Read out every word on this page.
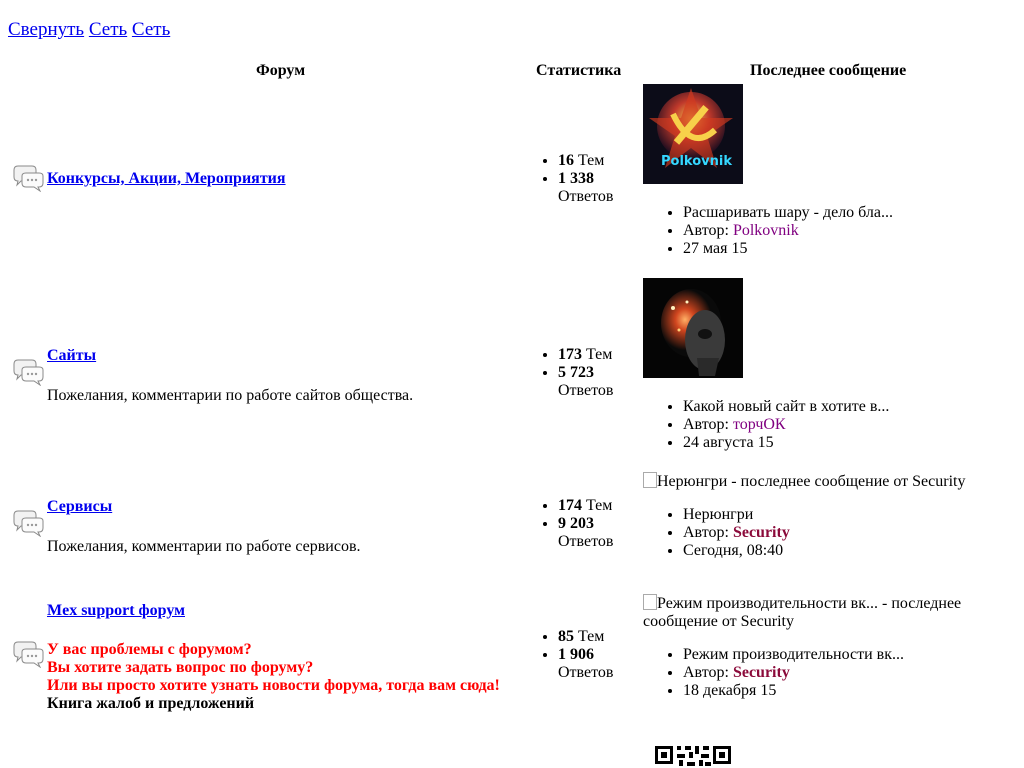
Свернуть Сеть Сеть
Форум	Статистика	Последнее сообщение
Конкурсы, Акции, Мероприятия
• 16 Тем
• 1 338
Ответов
Polkovnik
• Расшаривать шару - дело бла...
• Автор: Polkovnik
• 27 мая 15
Сайты
Пожелания, комментарии по работе сайтов общества.
• 173 Тем
• 5 723
Ответов
• Какой новый сайт в хотите в...
• Автор: торчОК
• 24 августа 15
Сервисы
Пожелания, комментарии по работе сервисов.
• 174 Тем
• 9 203
Ответов
Нерюнгри - последнее сообщение от Security
• Нерюнгри
• Автор: Security
• Сегодня, 08:40
Mex support форум
У вас проблемы с форумом?
Вы хотите задать вопрос по форуму?
Или вы просто хотите узнать новости форума, тогда вам сюда!
Книга жалоб и предложений
• 85 Тем
• 1 906
Ответов
Режим производительности вк... - последнее
сообщение от Security
• Режим производительности вк...
• Автор: Security
• 18 декабря 15
